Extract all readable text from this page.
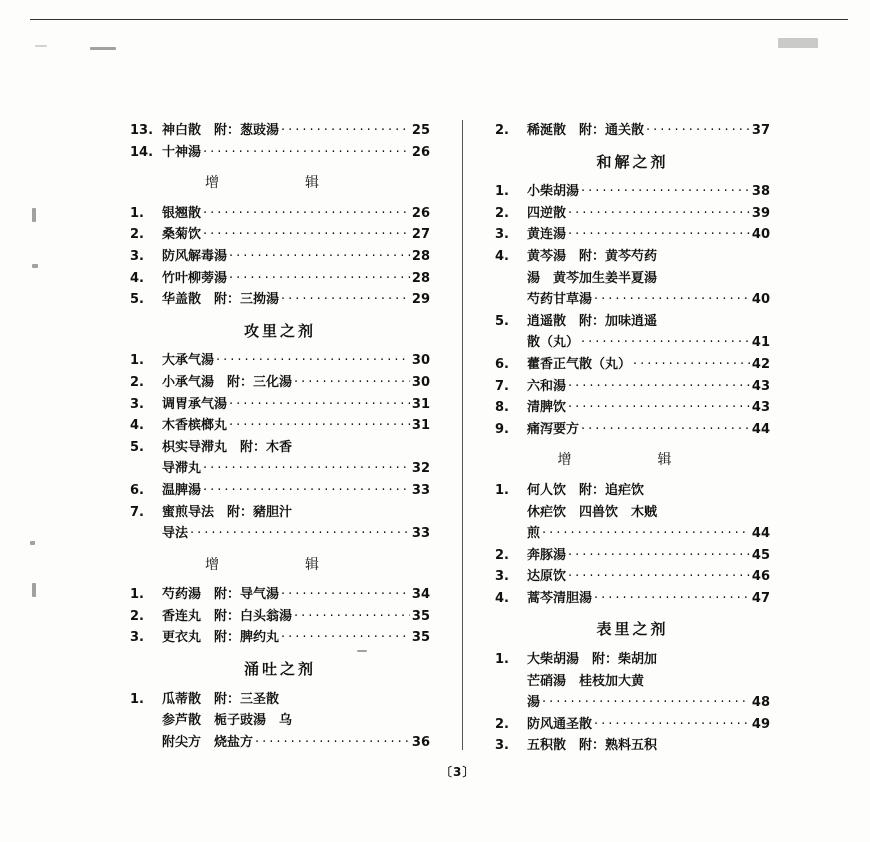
13. 神白散　附：葱豉湯 ·····	25
14. 十神湯 ·····	26
增　辑
1.	银翘散 ·····	26
2.	桑菊饮 ·····	27
3.	防风解毒湯 ·····	28
4.	竹叶柳蒡湯 ·····	28
5.	华盖散　附：三拗湯 ·····	29
攻里之剂
1.	大承气湯 ·····	30
2.	小承气湯　附：三化湯 ·····	30
3.	调胃承气湯 ·····	31
4.	木香槟榔丸 ·····	31
5.	枳实导滞丸　附：木香
导滞丸 ·····	32
6.	温脾湯 ·····	33
7.	蜜煎导法　附：豬胆汁
导法 ·····	33
增　辑
1.	芍药湯　附：导气湯 ·····	34
2.	香连丸　附：白头翁湯 ·····	35
3.	更衣丸　附：脾约丸 ·····	35
涌吐之剂
1.	瓜蒂散　附：三圣散
参芦散　栀子豉湯　乌
附尖方　烧盐方 ·····	36
2.	稀涎散　附：通关散 ·····	37
和解之剂
1.	小柴胡湯 ·····	38
2.	四逆散 ·····	39
3.	黄连湯 ·····	40
4.	黄芩湯　附：黄芩芍药
湯　黄芩加生姜半夏湯
芍药甘草湯 ·····	40
5.	逍遥散　附：加味逍遥
散（丸） ·····	41
6.	藿香正气散（丸） ·····	42
7.	六和湯 ·····	43
8.	清脾饮 ·····	43
9.	痛泻要方 ·····	44
增　辑
1.	何人饮　附：追疟饮
休疟饮　四兽饮　木贼
煎 ·····	44
2.	奔豚湯 ·····	45
3.	达原饮 ·····	46
4.	蒿芩清胆湯 ·····	47
表里之剂
1.	大柴胡湯　附：柴胡加
芒硝湯　桂枝加大黄
湯 ·····	48
2.	防风通圣散 ·····	49
3.	五积散　附：熟料五积
〔3〕
